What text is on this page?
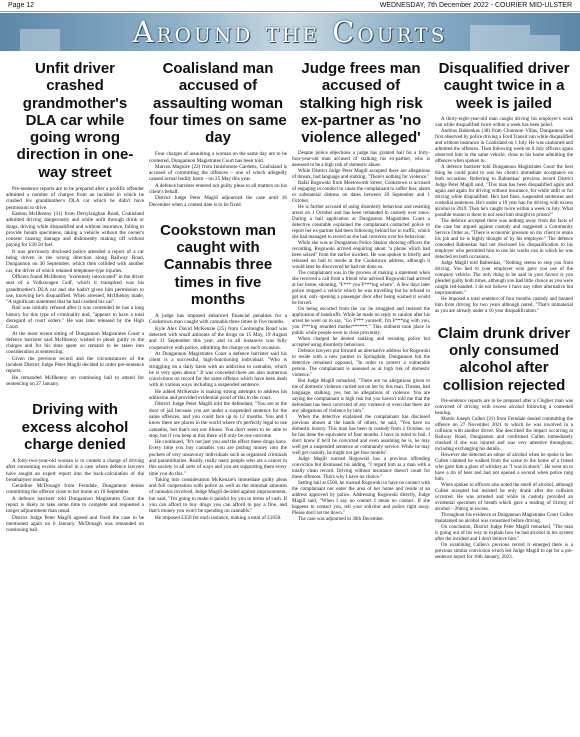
Page 12	WEDNESDAY, 7th December 2022 - COURIER MID-ULSTER
Around the Courts
Unfit driver crashed grandmother's DLA car while going wrong direction in one-way street

Pre-sentence reports are to be prepared after a prolific offender admitted a number of charges from an incident in which he crashed his grandmother's DLA car which he didn't have permission to drive.

Eamon McIlhenny (31) from Derrylaughan Road, Coalisland admitted driving dangerously and while unfit through drink or drugs, driving while disqualified and without insurance, failing to provide breath specimens, taking a vehicle without the owner's consent causing damage and dishonestly making off without paying for £30.50 fuel.

It was previously disclosed police attended a report of a car being driven in the wrong direction along Railway Road, Dungannon on 30 September, which then collided with another car, the driver of which retained telephone-type injuries.

Officers found McIlhenny "extremely intoxicated" in the driver seat of a Volkswagen Golf, which it transpired was his grandmother's DLA car and she hadn't given him permission to use, knowing he's disqualified. When arrested, McIlhenny made, "A significant statement that he had crashed his car".

Bail was initially refused after it was contended he has a long history for this type of criminality and, "appears to have a total disregard of court orders." He was later released by the High Court.

At the most recent sitting of Dungannon Magistrates Court a defence barrister said McIlhenny wished to plead guilty to the charges and for his time spent on remand to be taken into consideration at sentencing.

Given the previous record and the circumstances of the incident District Judge Peter Magill decided to order pre-sentence reports.

He remanded McIlhenny on continuing bail to attend for sentencing on 27 January.

Driving with excess alcohol charge denied

A forty-two-year-old woman is to contest a charge of driving after consuming excess alcohol in a case where defence lawyers have sought an expert report into the back-calculation of the breathalyser reading.

Geraldine McDonagh from Ferndale, Dungannon denies committing the offence close to her home on 10 September.

A defence barrister told Dungannon Magistrates Court the report is likely to take some time to complete and requested a longer adjournment than usual.

District Judge Peter Magill agreed and fixed the case to be mentioned again on 6 January. McDonagh was remanded on continuing bail.

Coalisland man accused of assaulting woman four times on same day

Four charges of assaulting a woman on the same day are to be contested, Dungannon Magistrates Court has been told.

Marcus Maguire (22) from Innishmore Gardens, Coalisland is accused of committing the offences – one of which allegedly caused actual bodily harm – on 25 May this year.

A defence barrister entered not guilty pleas to all matters on his client's behalf.

District Judge Peter Magill adjourned the case until 16 December when a contest date is to be fixed.

Cookstown man caught with Cannabis three times in five months

A judge has imposed enhanced financial penalties for a Cookstown man caught with cannabis three times in five months.

Kyle Alex David McKenzie (25) from Coolreaghs Road was detected with small amounts of the drugs on 15 May, 19 August and 11 September this year, and in all instances was fully cooperative with police, admitting the charge on each occasion.

At Dungannon Magistrates Court a defence barrister said his client is a successful, high-functioning individual. "Who is struggling on a daily basis with an addiction to cannabis, which he is very open about." It was conceded there are also numerous convictions on record for the same offence which have been dealt with in various ways including a suspended sentence.

He added McKenzie is making strong attempts to address his addiction and provided evidential proof of this to the court.

District Judge Peter Magill told the defendant, "You are at the door of jail because you are under a suspended sentence for the same offences, and you could face up to 12 months. You and I know there are places in the world where it's perfectly legal to use cannabis, but that's not our illness. You don't seem to be able to stop, but if you keep at this there will only be one outcome.

He continued, "It's not just you and the effect these drugs have. Every time you buy cannabis you are putting money into the pockets of very unsavoury individuals such as organised criminals and paramilitaries. Really, really nasty people who are a cancer in this society in all sorts of ways and you are supporting them every time you do this."

Taking into consideration McKenzie's immediate guilty pleas and full cooperation with police as well as the minimal amounts of cannabis involved, Judge Magill decided against imprisonment, but said, "I'm going to make it painful for you in terms of cash. If you can afford to buy drugs you can afford to pay a fine, and that's money you won't be spending on cannabis."

He imposed £350 for each instance, making a total of £1050.

Judge frees man accused of stalking high risk ex-partner as 'no violence alleged'

Despite police objections a judge has granted bail for a forty-four-year-old man accused of stalking his ex-partner, who is assessed to be a high risk of domestic abuse.

While District Judge Peter Magill accepted there are allegations of threats, bad language and stalking, "There's nothing for violence."

Rafal Rogowski from Meetoworth Street, Cookstown is accused of engaging in conduct to cause the complainant to suffer fear, alarm or substantial distress on dates between 20 September and 1 October.

He is further accused of using disorderly behaviour and resisting arrest on 1 October and has been remanded in custody ever since. During a bail application at Dungannon Magistrates Court a detective constable explained the complainant contacted police to report her ex-partner had been following behind her in traffic, which she had managed to record as she had concerns over his behaviour.

While she was at Dungannon Police Station showing officers the recording, Rogowski arrived enquiring about "a phone which had been seized" from the earlier incident. He was spoken to briefly and released on bail to reside at the Cookstown address, although it would later be discovered he had not done so.

The complainant was in the process of making a statement when she received a call from a friend who advised Rogowski had arrived at her home, shouting, "F*** you F***ing whore". A few days later police stopped a vehicle which he was travelling but he refused to get out, only opening a passenger door after being warned it would be forced.

On being escorted from the car he struggled and resisted the application of handcuffs. While he made no reply to caution after his arrest he went on to say, "Go F*** yourself, I'm F***ing with you, you f***ing retarded mother******." This outburst took place in public while people were in close proximity.

When charged he denied stalking and resisting police but accepted using disorderly behaviour.

Defence lawyers put forward an alternative address for Rogowski to reside with a new partner in Springdale, Dungannon but the detective remained opposed, "In order to protect a vulnerable person. The complainant is assessed as at high risk of domestic violence."

But Judge Magill remarked, "There are no allegations given to me of domestic violence carried out on her by this man. Threats, bad language, stalking, yes, but no allegations of violence. You are saying the complainant is high risk but you haven't told me that the defendant has been convicted of any violence or even that there are any allegations of violence by him."

When the detective explained the complainant has disclosed previous abuses at the hands of others, he said, "You have no domestic history. This man has been in custody from 2 October, so he has done the equivalent of four months. I have in mind to bail. I don't know if he'll be convicted and even assuming he is, he may well get a suspended sentence or community service. While he may well get custody, he might not get four months".

Judge Magill warned Rogowski has a previous offending conviction but dismissed his adding, "I regard him as a man with a totally clean record. Driving without insurance doesn't count for these offences. That's why I have no choice."

Setting bail at £500, he warned Rogowski to have no contact with the complainant nor enter the area of her home and reside at an address approved by police. Addressing Rogowski directly, Judge Magill said, "When I say no contact I mean no contact. If she happens to contact you, tell your solicitor and police right away. Please don't let me down."

The case was adjourned to 30th December.

Disqualified driver caught twice in a week is jailed

A thirty-eight-year-old man caught driving his employer's work van while disqualified twice within a week has been jailed.

Andrius Babienkas (38) from Clonmore Villas, Dungannon was first observed by police driving a Ford Transit van while disqualified and without insurance in Coalisland on 1 July. He was cautioned and admitted the offences. Then following week on 8 July officers again observed him in the same vehicle, close to his home admitting the offences when spoken to.

A defence barrister told Dungannon Magistrates Court the best thing he could point to was his client's immediate acceptance on both occasions. Referring to Babienkas' previous record District Judge Peter Magill said, "This man has been disqualified again and again and again for driving without insurance, for while unfit or for driving while disqualified. He's had fines, suspended sentences and custodial sentences. He's under a 10 year ban for driving with excess alcohol in 2019. Then he's caught twice within a week in July. What possible reason is there to not send him straight to prison?"

The defence accepted there was nothing away from the facts of the case but argued against custody and suggested a Community Service Order as, "There is economic pressure on my client to retain his job and he is highly thought of by his employer." The defence conceded Babienkas had not disclosed his disqualification to his employer who permitted him to use his works van in which he was detected on both occasions.

Judge Magill told Babienkas, "Nothing seems to stop you from driving. You lied to your employer who gave you use of the company vehicle. The only thing to be said in your favour is you pleaded guilty both times, although you had little choice as you were caught red-handed. I do not believe I have any other alternative but imprisonment."

He imposed a total sentence of four months custody and banned him from driving for two years although noted, "That's immaterial as you are already under a 10 year disqualification."

Claim drunk driver only consumed alcohol after collision rejected

Pre-sentence reports are to be prepared after a Clogher man was convicted of driving with excess alcohol following a contested hearing.

Martin Joseph Cullen (31) from Ferndale denied committing the offence on 27 November 2021 to which he was involved in a collision with another driver. She described the impact occurring at Railway Road, Dungannon and confirmed Cullen immediately checked if she was injured and was very attentive throughout, including exchanging his details.

However she detected an odour of alcohol when he spoke to her. Cullen claimed he walked from the scene to the home of a friend who gave him a glass of whiskey as "I was in shock". He went on to have a tin of beer and had not opened a second when police rang him.

When spoken to officers also noted the smell of alcohol, although Cullen accepted but insisted he only drank after the collision occurred. He was arrested and while in custody provided an evidential specimen of breath which gave a reading of 61mcg of alcohol – 26mcg in excess.

Throughout his evidence at Dungannon Magistrates Court Cullen maintained no alcohol was consumed before driving.

On conclusion, District Judge Peter Magill remarked, "The man is going out of his way to explain how he had alcohol in his system after the incident and I don't believe him."

On examining Cullen's previous record it emerged there is a previous similar conviction which led Judge Magill to opt for a pre-sentence report for 16th January, 2023.
